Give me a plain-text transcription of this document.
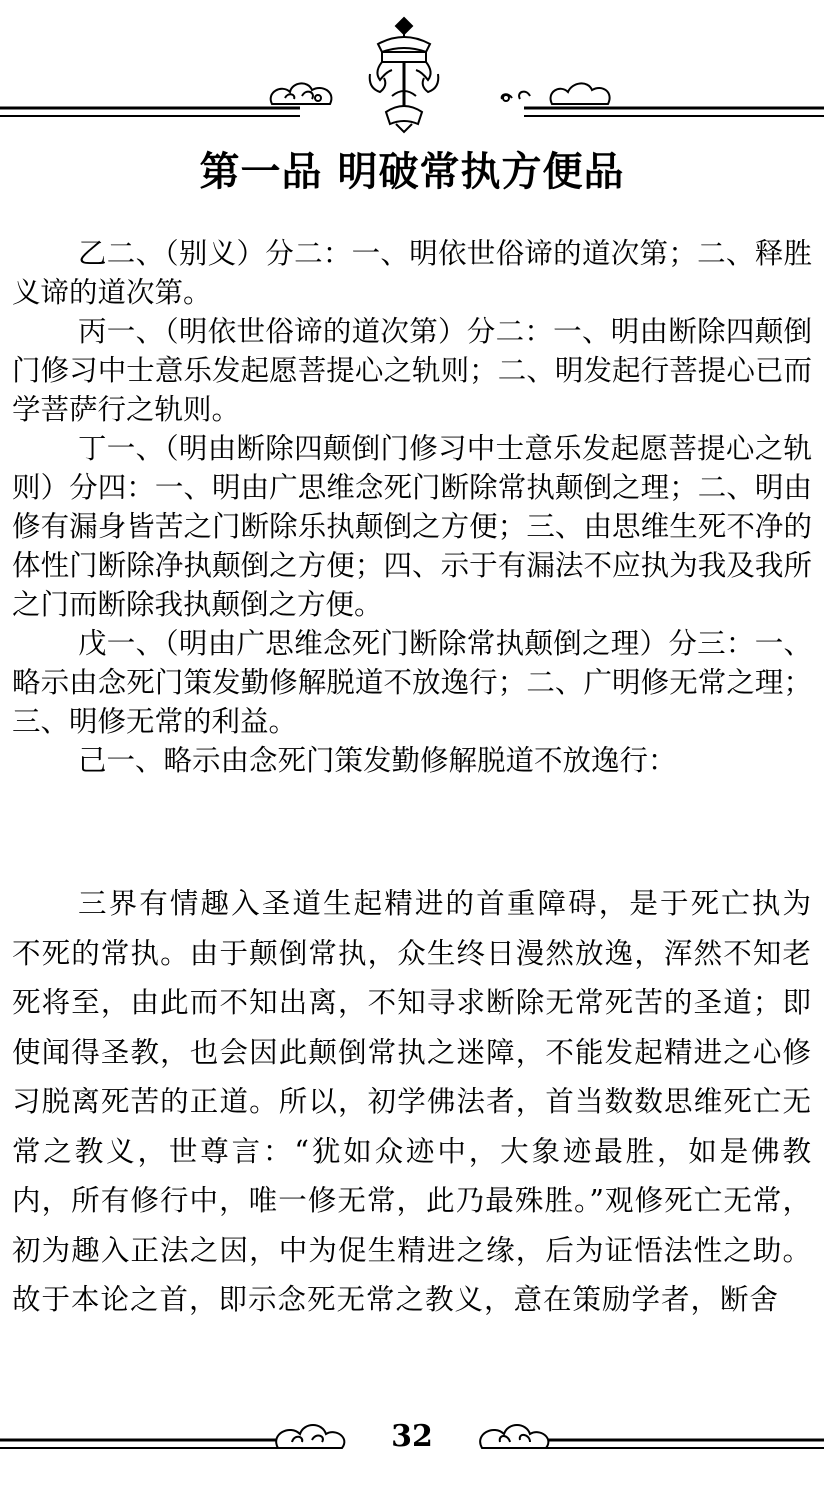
第一品 明破常执方便品

乙二、（别义）分二：一、明依世俗谛的道次第；二、释胜义谛的道次第。

丙一、（明依世俗谛的道次第）分二：一、明由断除四颠倒门修习中士意乐发起愿菩提心之轨则；二、明发起行菩提心已而学菩萨行之轨则。

丁一、（明由断除四颠倒门修习中士意乐发起愿菩提心之轨则）分四：一、明由广思维念死门断除常执颠倒之理；二、明由修有漏身皆苦之门断除乐执颠倒之方便；三、由思维生死不净的体性门断除净执颠倒之方便；四、示于有漏法不应执为我及我所之门而断除我执颠倒之方便。

戊一、（明由广思维念死门断除常执颠倒之理）分三：一、略示由念死门策发勤修解脱道不放逸行；二、广明修无常之理；三、明修无常的利益。

己一、略示由念死门策发勤修解脱道不放逸行：

三界有情趣入圣道生起精进的首重障碍，是于死亡执为不死的常执。由于颠倒常执，众生终日漫然放逸，浑然不知老死将至，由此而不知出离，不知寻求断除无常死苦的圣道；即使闻得圣教，也会因此颠倒常执之迷障，不能发起精进之心修习脱离死苦的正道。所以，初学佛法者，首当数数思维死亡无常之教义，世尊言：“犹如众迹中，大象迹最胜，如是佛教内，所有修行中，唯一修无常，此乃最殊胜。”观修死亡无常，初为趣入正法之因，中为促生精进之缘，后为证悟法性之助。故于本论之首，即示念死无常之教义，意在策励学者，断舍

32
